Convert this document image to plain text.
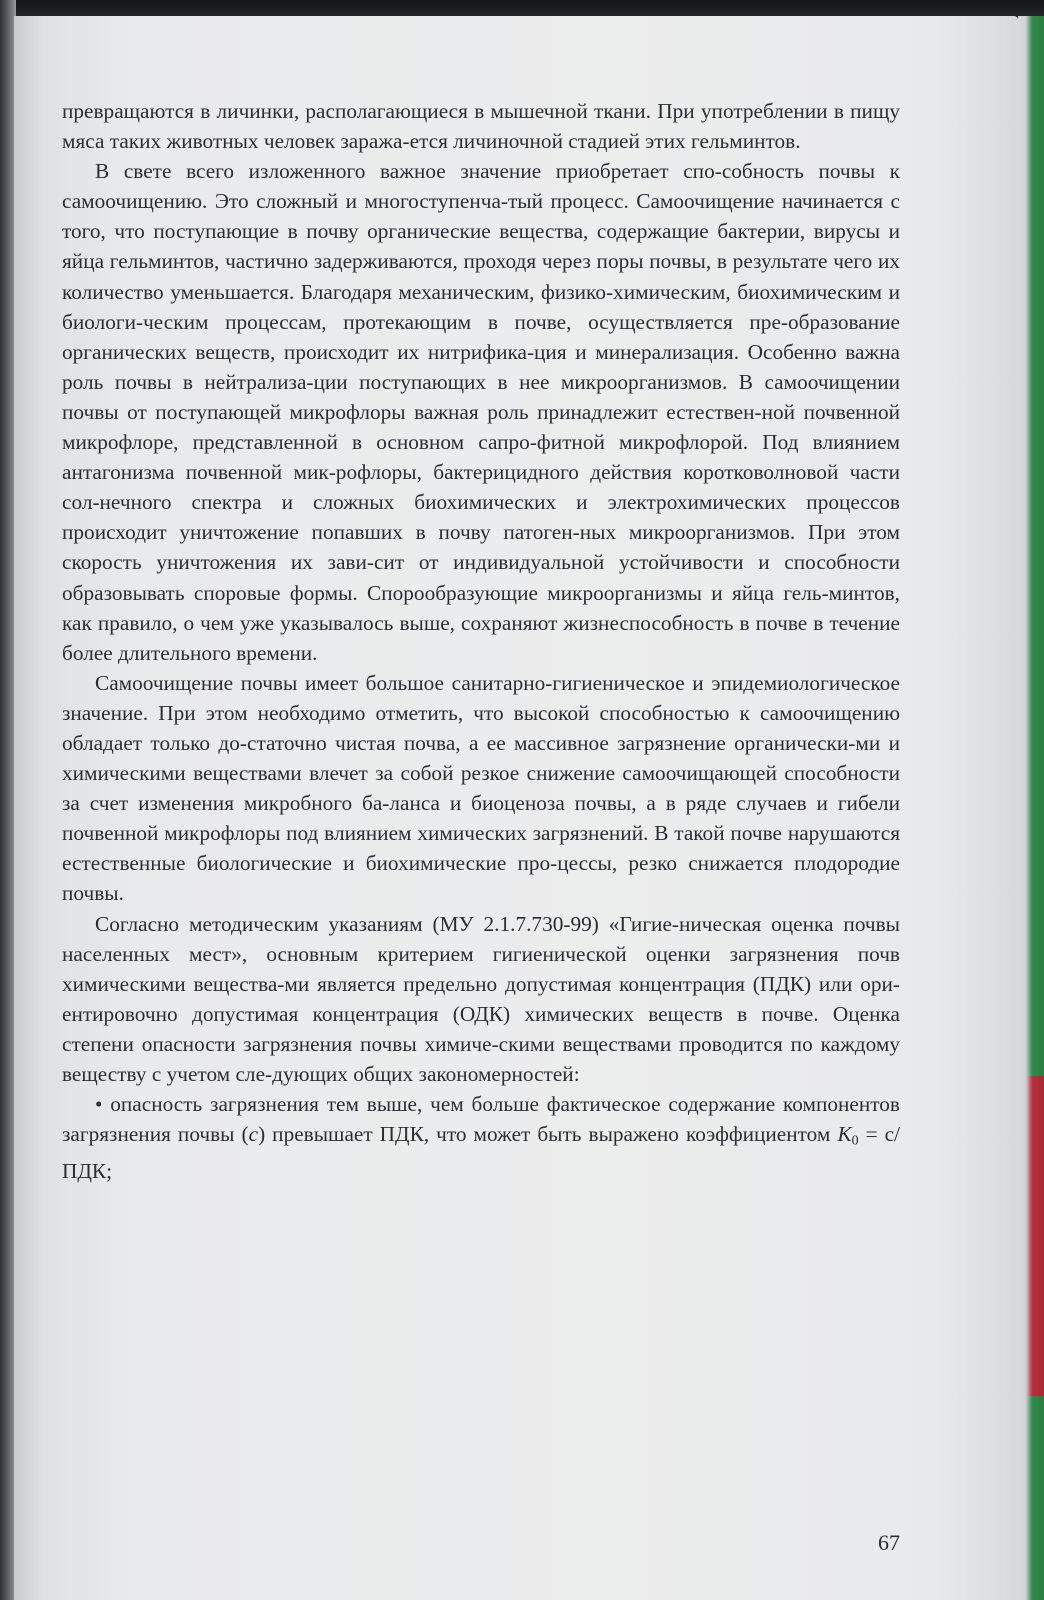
превращаются в личинки, располагающиеся в мышечной ткани. При употреблении в пищу мяса таких животных человек заража-ется личиночной стадией этих гельминтов.

В свете всего изложенного важное значение приобретает спо-собность почвы к самоочищению. Это сложный и многоступенча-тый процесс. Самоочищение начинается с того, что поступающие в почву органические вещества, содержащие бактерии, вирусы и яйца гельминтов, частично задерживаются, проходя через поры почвы, в результате чего их количество уменьшается. Благодаря механическим, физико-химическим, биохимическим и биологи-ческим процессам, протекающим в почве, осуществляется пре-образование органических веществ, происходит их нитрифика-ция и минерализация. Особенно важна роль почвы в нейтрализа-ции поступающих в нее микроорганизмов. В самоочищении почвы от поступающей микрофлоры важная роль принадлежит естествен-ной почвенной микрофлоре, представленной в основном сапро-фитной микрофлорой. Под влиянием антагонизма почвенной мик-рофлоры, бактерицидного действия коротковолновой части сол-нечного спектра и сложных биохимических и электрохимических процессов происходит уничтожение попавших в почву патоген-ных микроорганизмов. При этом скорость уничтожения их зави-сит от индивидуальной устойчивости и способности образовывать споровые формы. Спорообразующие микроорганизмы и яйца гель-минтов, как правило, о чем уже указывалось выше, сохраняют жизнеспособность в почве в течение более длительного времени.

Самоочищение почвы имеет большое санитарно-гигиеническое и эпидемиологическое значение. При этом необходимо отметить, что высокой способностью к самоочищению обладает только до-статочно чистая почва, а ее массивное загрязнение органически-ми и химическими веществами влечет за собой резкое снижение самоочищающей способности за счет изменения микробного ба-ланса и биоценоза почвы, а в ряде случаев и гибели почвенной микрофлоры под влиянием химических загрязнений. В такой почве нарушаются естественные биологические и биохимические про-цессы, резко снижается плодородие почвы.

Согласно методическим указаниям (МУ 2.1.7.730-99) «Гигие-ническая оценка почвы населенных мест», основным критерием гигиенической оценки загрязнения почв химическими вещества-ми является предельно допустимая концентрация (ПДК) или ори-ентировочно допустимая концентрация (ОДК) химических веществ в почве. Оценка степени опасности загрязнения почвы химиче-скими веществами проводится по каждому веществу с учетом сле-дующих общих закономерностей:

• опасность загрязнения тем выше, чем больше фактическое содержание компонентов загрязнения почвы (c) превышает ПДК, что может быть выражено коэффициентом $K_0 = c/ПДК$;

67
